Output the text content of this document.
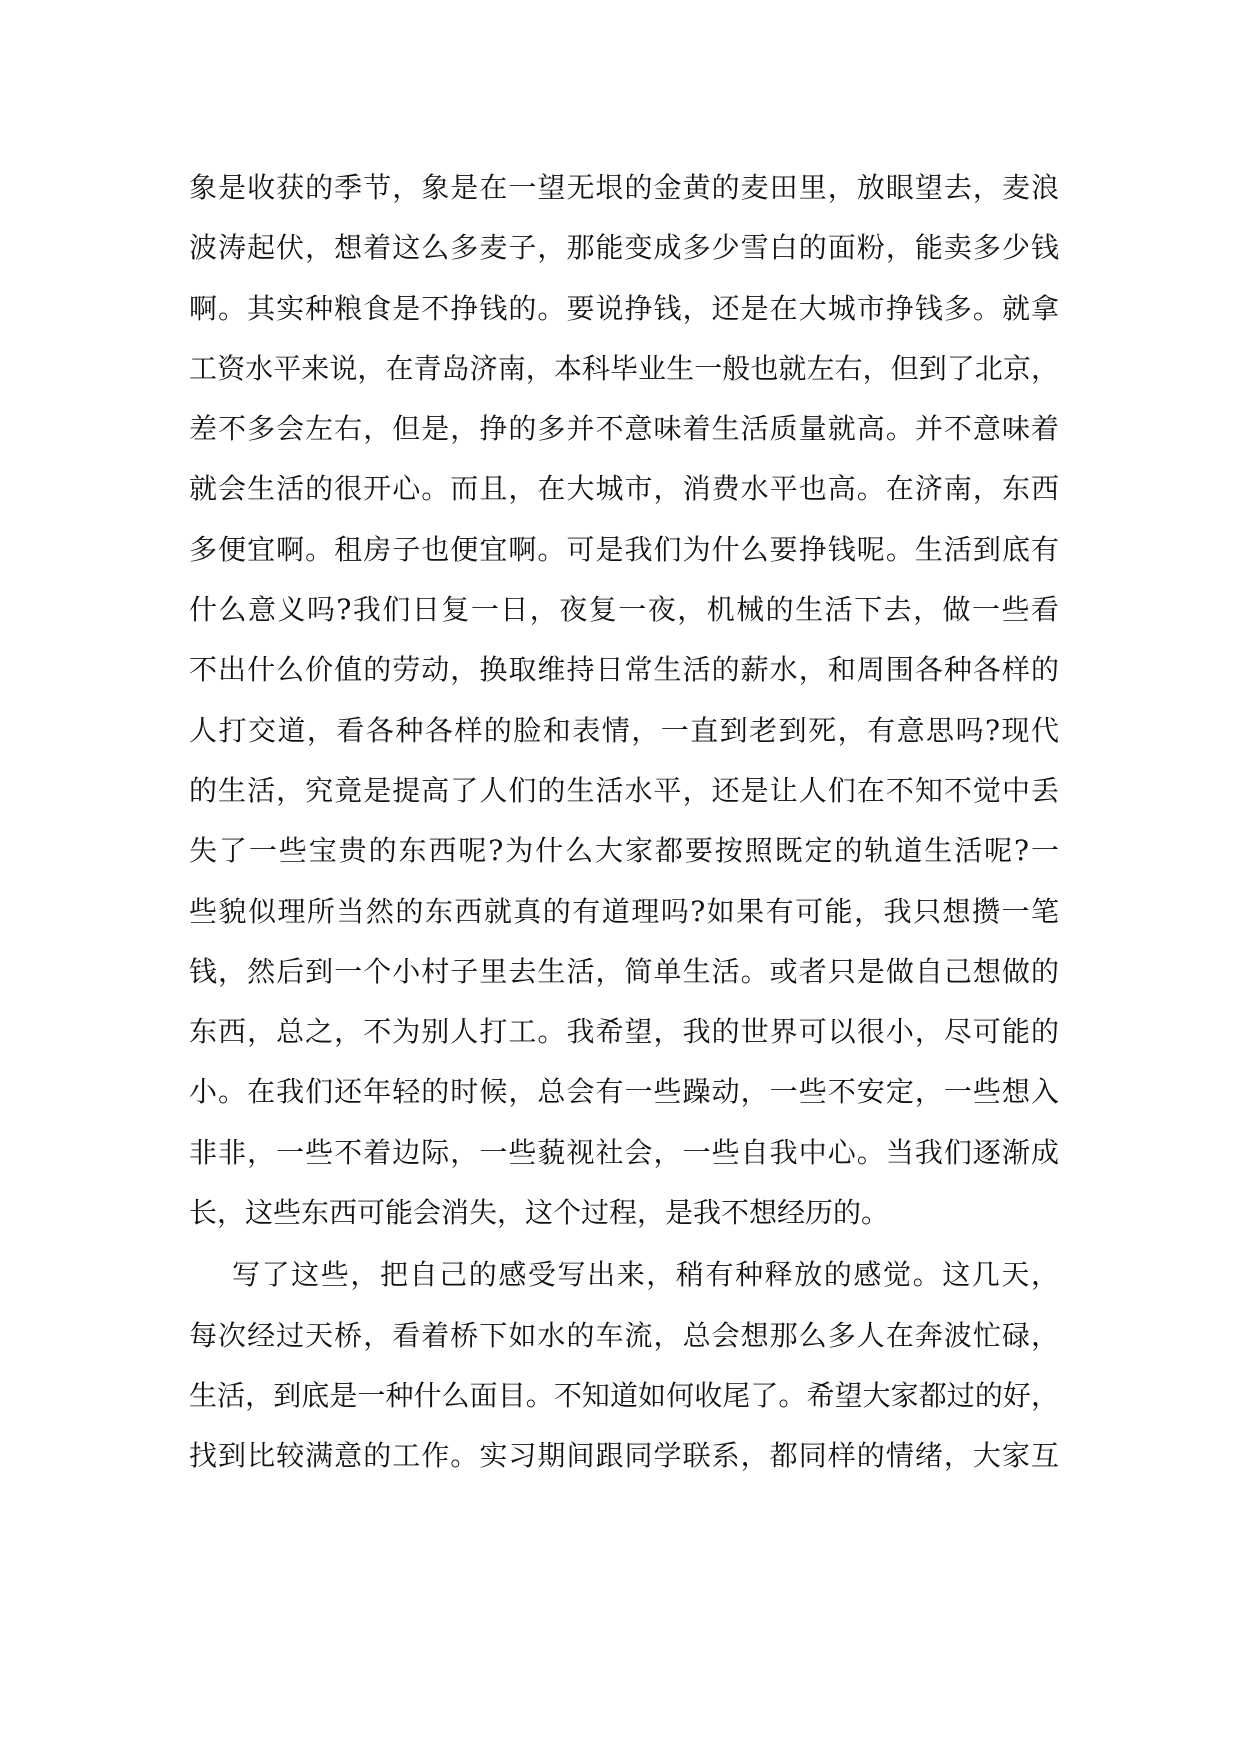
象是收获的季节，象是在一望无垠的金黄的麦田里，放眼望去，麦浪
波涛起伏，想着这么多麦子，那能变成多少雪白的面粉，能卖多少钱
啊。其实种粮食是不挣钱的。要说挣钱，还是在大城市挣钱多。就拿
工资水平来说，在青岛济南，本科毕业生一般也就左右，但到了北京，
差不多会左右，但是，挣的多并不意味着生活质量就高。并不意味着
就会生活的很开心。而且，在大城市，消费水平也高。在济南，东西
多便宜啊。租房子也便宜啊。可是我们为什么要挣钱呢。生活到底有
什么意义吗?我们日复一日，夜复一夜，机械的生活下去，做一些看
不出什么价值的劳动，换取维持日常生活的薪水，和周围各种各样的
人打交道，看各种各样的脸和表情，一直到老到死，有意思吗?现代
的生活，究竟是提高了人们的生活水平，还是让人们在不知不觉中丢
失了一些宝贵的东西呢?为什么大家都要按照既定的轨道生活呢?一
些貌似理所当然的东西就真的有道理吗?如果有可能，我只想攒一笔
钱，然后到一个小村子里去生活，简单生活。或者只是做自己想做的
东西，总之，不为别人打工。我希望，我的世界可以很小，尽可能的
小。在我们还年轻的时候，总会有一些躁动，一些不安定，一些想入
非非，一些不着边际，一些藐视社会，一些自我中心。当我们逐渐成
长，这些东西可能会消失，这个过程，是我不想经历的。
写了这些，把自己的感受写出来，稍有种释放的感觉。这几天，
每次经过天桥，看着桥下如水的车流，总会想那么多人在奔波忙碌，
生活，到底是一种什么面目。不知道如何收尾了。希望大家都过的好，
找到比较满意的工作。实习期间跟同学联系，都同样的情绪，大家互
